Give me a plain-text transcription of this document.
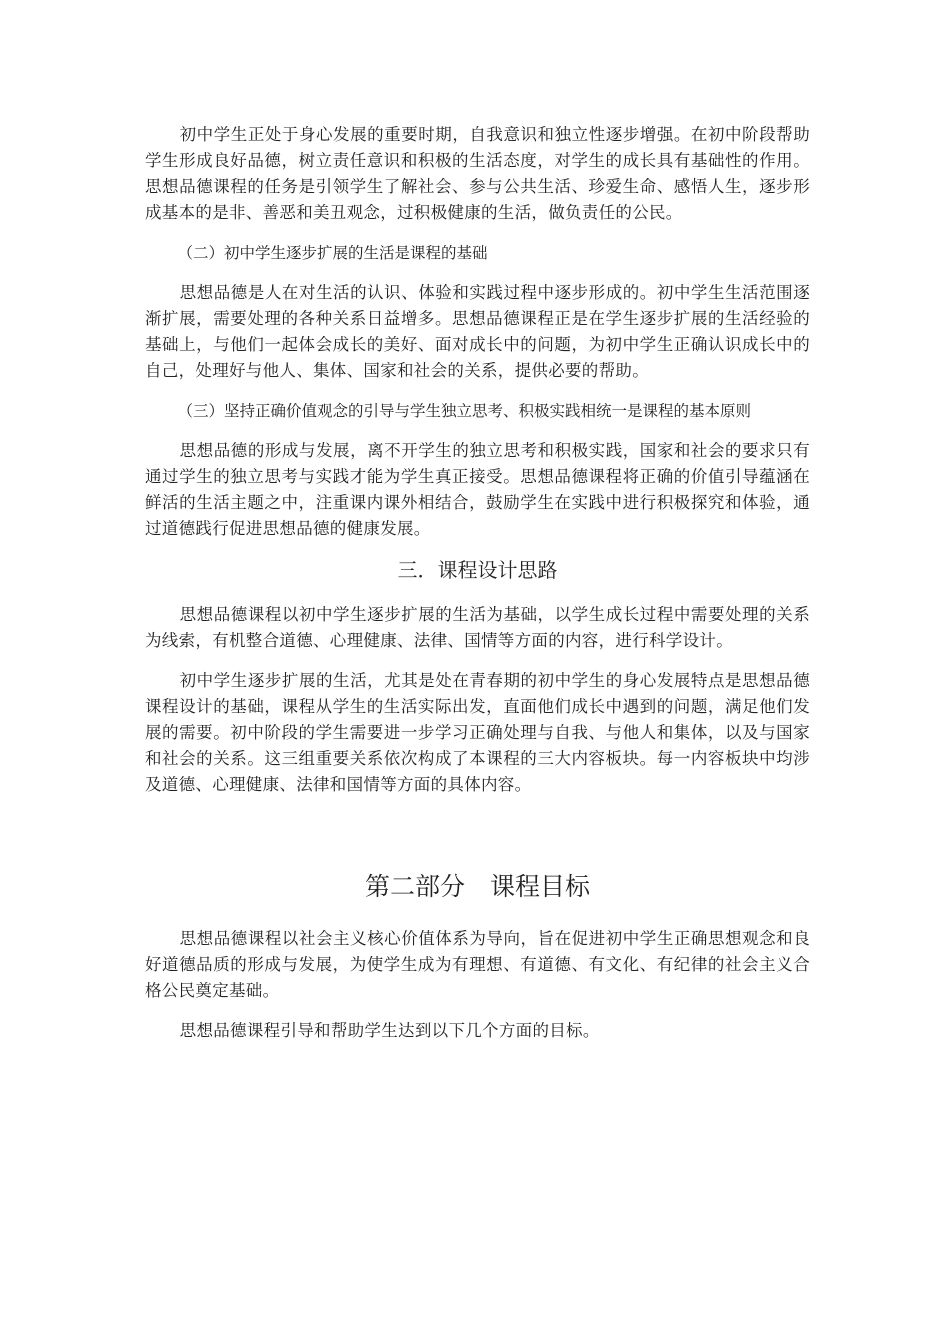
初中学生正处于身心发展的重要时期，自我意识和独立性逐步增强。在初中阶段帮助学生形成良好品德，树立责任意识和积极的生活态度，对学生的成长具有基础性的作用。思想品德课程的任务是引领学生了解社会、参与公共生活、珍爱生命、感悟人生，逐步形成基本的是非、善恶和美丑观念，过积极健康的生活，做负责任的公民。

（二）初中学生逐步扩展的生活是课程的基础

思想品德是人在对生活的认识、体验和实践过程中逐步形成的。初中学生生活范围逐渐扩展，需要处理的各种关系日益增多。思想品德课程正是在学生逐步扩展的生活经验的基础上，与他们一起体会成长的美好、面对成长中的问题，为初中学生正确认识成长中的自己，处理好与他人、集体、国家和社会的关系，提供必要的帮助。

（三）坚持正确价值观念的引导与学生独立思考、积极实践相统一是课程的基本原则

思想品德的形成与发展，离不开学生的独立思考和积极实践，国家和社会的要求只有通过学生的独立思考与实践才能为学生真正接受。思想品德课程将正确的价值引导蕴涵在鲜活的生活主题之中，注重课内课外相结合，鼓励学生在实践中进行积极探究和体验，通过道德践行促进思想品德的健康发展。

三．课程设计思路

思想品德课程以初中学生逐步扩展的生活为基础，以学生成长过程中需要处理的关系为线索，有机整合道德、心理健康、法律、国情等方面的内容，进行科学设计。

初中学生逐步扩展的生活，尤其是处在青春期的初中学生的身心发展特点是思想品德课程设计的基础，课程从学生的生活实际出发，直面他们成长中遇到的问题，满足他们发展的需要。初中阶段的学生需要进一步学习正确处理与自我、与他人和集体，以及与国家和社会的关系。这三组重要关系依次构成了本课程的三大内容板块。每一内容板块中均涉及道德、心理健康、法律和国情等方面的具体内容。

第二部分　课程目标

思想品德课程以社会主义核心价值体系为导向，旨在促进初中学生正确思想观念和良好道德品质的形成与发展，为使学生成为有理想、有道德、有文化、有纪律的社会主义合格公民奠定基础。

思想品德课程引导和帮助学生达到以下几个方面的目标。
